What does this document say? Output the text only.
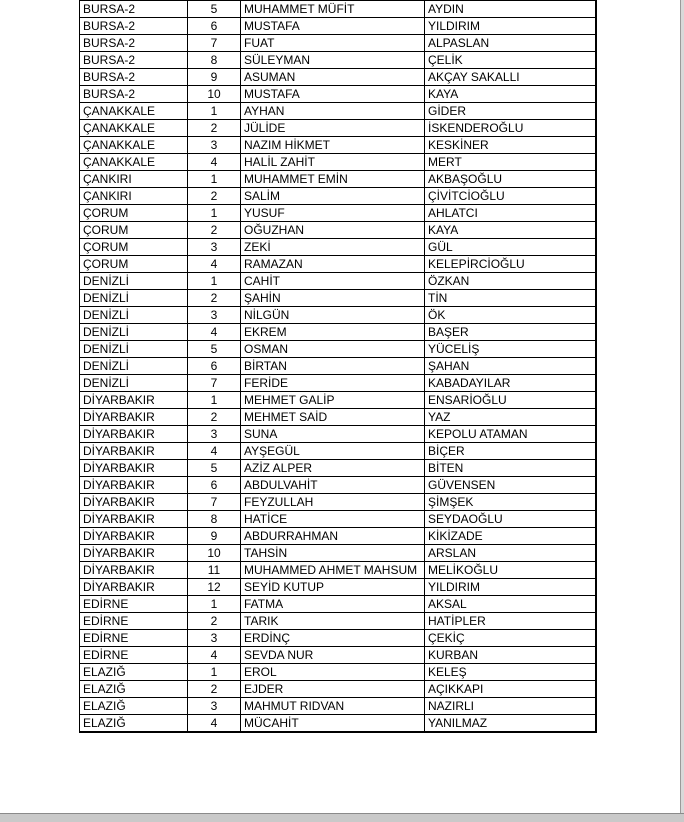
BURSA-2	5	MUHAMMET MÜFİT	AYDIN
BURSA-2	6	MUSTAFA	YILDIRIM
BURSA-2	7	FUAT	ALPASLAN
BURSA-2	8	SÜLEYMAN	ÇELİK
BURSA-2	9	ASUMAN	AKÇAY SAKALLI
BURSA-2	10	MUSTAFA	KAYA
ÇANAKKALE	1	AYHAN	GİDER
ÇANAKKALE	2	JÜLİDE	İSKENDEROĞLU
ÇANAKKALE	3	NAZIM HİKMET	KESKİNER
ÇANAKKALE	4	HALİL ZAHİT	MERT
ÇANKIRI	1	MUHAMMET EMİN	AKBAŞOĞLU
ÇANKIRI	2	SALİM	ÇİVİTCİOĞLU
ÇORUM	1	YUSUF	AHLATCI
ÇORUM	2	OĞUZHAN	KAYA
ÇORUM	3	ZEKİ	GÜL
ÇORUM	4	RAMAZAN	KELEPİRCİOĞLU
DENİZLİ	1	CAHİT	ÖZKAN
DENİZLİ	2	ŞAHİN	TİN
DENİZLİ	3	NİLGÜN	ÖK
DENİZLİ	4	EKREM	BAŞER
DENİZLİ	5	OSMAN	YÜCELİŞ
DENİZLİ	6	BİRTAN	ŞAHAN
DENİZLİ	7	FERİDE	KABADAYILAR
DİYARBAKIR	1	MEHMET GALİP	ENSARİOĞLU
DİYARBAKIR	2	MEHMET SAİD	YAZ
DİYARBAKIR	3	SUNA	KEPOLU ATAMAN
DİYARBAKIR	4	AYŞEGÜL	BİÇER
DİYARBAKIR	5	AZİZ ALPER	BİTEN
DİYARBAKIR	6	ABDULVAHİT	GÜVENSEN
DİYARBAKIR	7	FEYZULLAH	ŞİMŞEK
DİYARBAKIR	8	HATİCE	SEYDAOĞLU
DİYARBAKIR	9	ABDURRAHMAN	KİKİZADE
DİYARBAKIR	10	TAHSİN	ARSLAN
DİYARBAKIR	11	MUHAMMED AHMET MAHSUM	MELİKOĞLU
DİYARBAKIR	12	SEYİD KUTUP	YILDIRIM
EDİRNE	1	FATMA	AKSAL
EDİRNE	2	TARIK	HATİPLER
EDİRNE	3	ERDİNÇ	ÇEKİÇ
EDİRNE	4	SEVDA NUR	KURBAN
ELAZIĞ	1	EROL	KELEŞ
ELAZIĞ	2	EJDER	AÇIKKAPI
ELAZIĞ	3	MAHMUT RIDVAN	NAZIRLI
ELAZIĞ	4	MÜCAHİT	YANILMAZ
